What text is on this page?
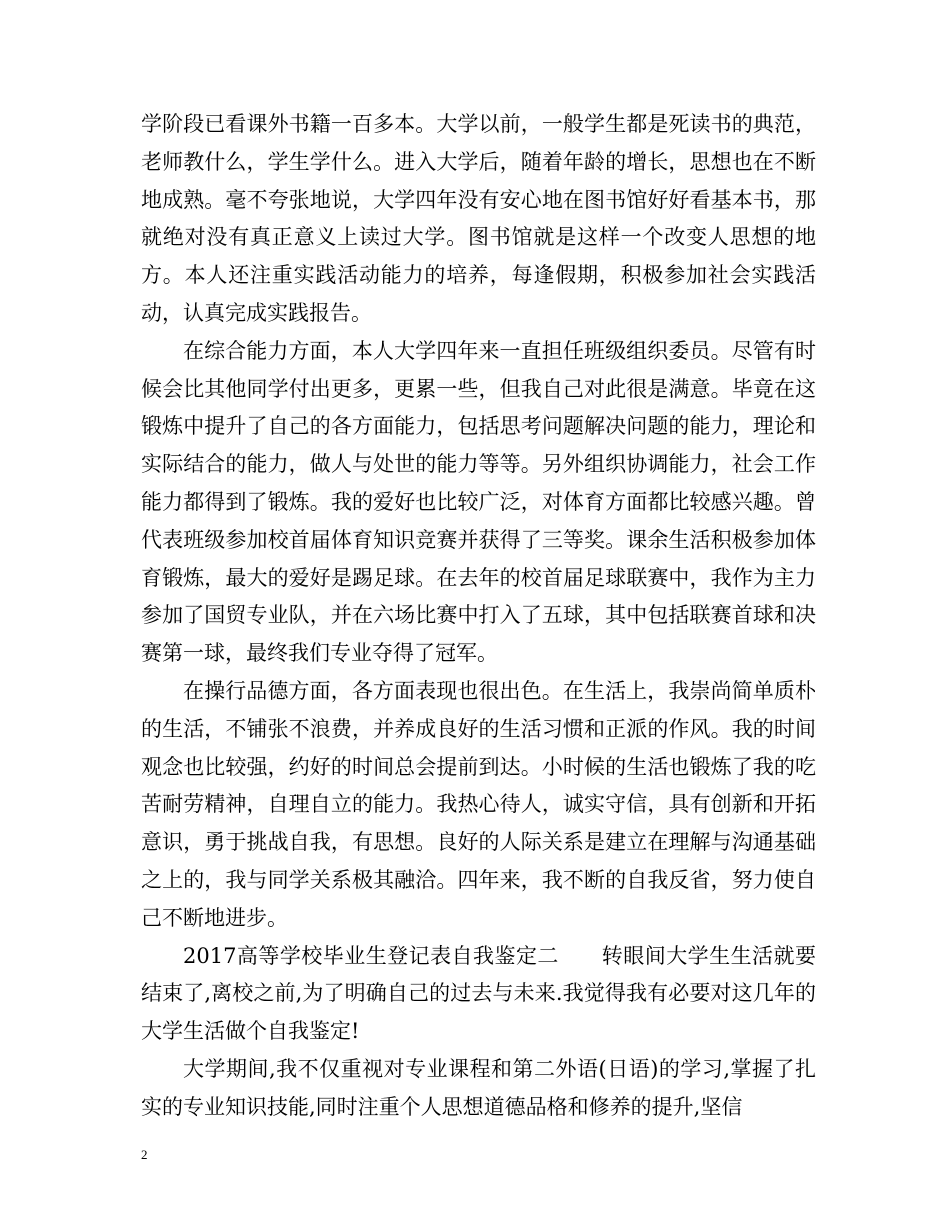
学阶段已看课外书籍一百多本。大学以前，一般学生都是死读书的典范，老师教什么，学生学什么。进入大学后，随着年龄的增长，思想也在不断地成熟。毫不夸张地说，大学四年没有安心地在图书馆好好看基本书，那就绝对没有真正意义上读过大学。图书馆就是这样一个改变人思想的地方。本人还注重实践活动能力的培养，每逢假期，积极参加社会实践活动，认真完成实践报告。

在综合能力方面，本人大学四年来一直担任班级组织委员。尽管有时候会比其他同学付出更多，更累一些，但我自己对此很是满意。毕竟在这锻炼中提升了自己的各方面能力，包括思考问题解决问题的能力，理论和实际结合的能力，做人与处世的能力等等。另外组织协调能力，社会工作能力都得到了锻炼。我的爱好也比较广泛，对体育方面都比较感兴趣。曾代表班级参加校首届体育知识竞赛并获得了三等奖。课余生活积极参加体育锻炼，最大的爱好是踢足球。在去年的校首届足球联赛中，我作为主力参加了国贸专业队，并在六场比赛中打入了五球，其中包括联赛首球和决赛第一球，最终我们专业夺得了冠军。

在操行品德方面，各方面表现也很出色。在生活上，我崇尚简单质朴的生活，不铺张不浪费，并养成良好的生活习惯和正派的作风。我的时间观念也比较强，约好的时间总会提前到达。小时候的生活也锻炼了我的吃苦耐劳精神，自理自立的能力。我热心待人，诚实守信，具有创新和开拓意识，勇于挑战自我，有思想。良好的人际关系是建立在理解与沟通基础之上的，我与同学关系极其融洽。四年来，我不断的自我反省，努力使自己不断地进步。

2017高等学校毕业生登记表自我鉴定二　　转眼间大学生生活就要结束了,离校之前,为了明确自己的过去与未来.我觉得我有必要对这几年的大学生活做个自我鉴定!

大学期间,我不仅重视对专业课程和第二外语(日语)的学习,掌握了扎实的专业知识技能,同时注重个人思想道德品格和修养的提升,坚信

2
